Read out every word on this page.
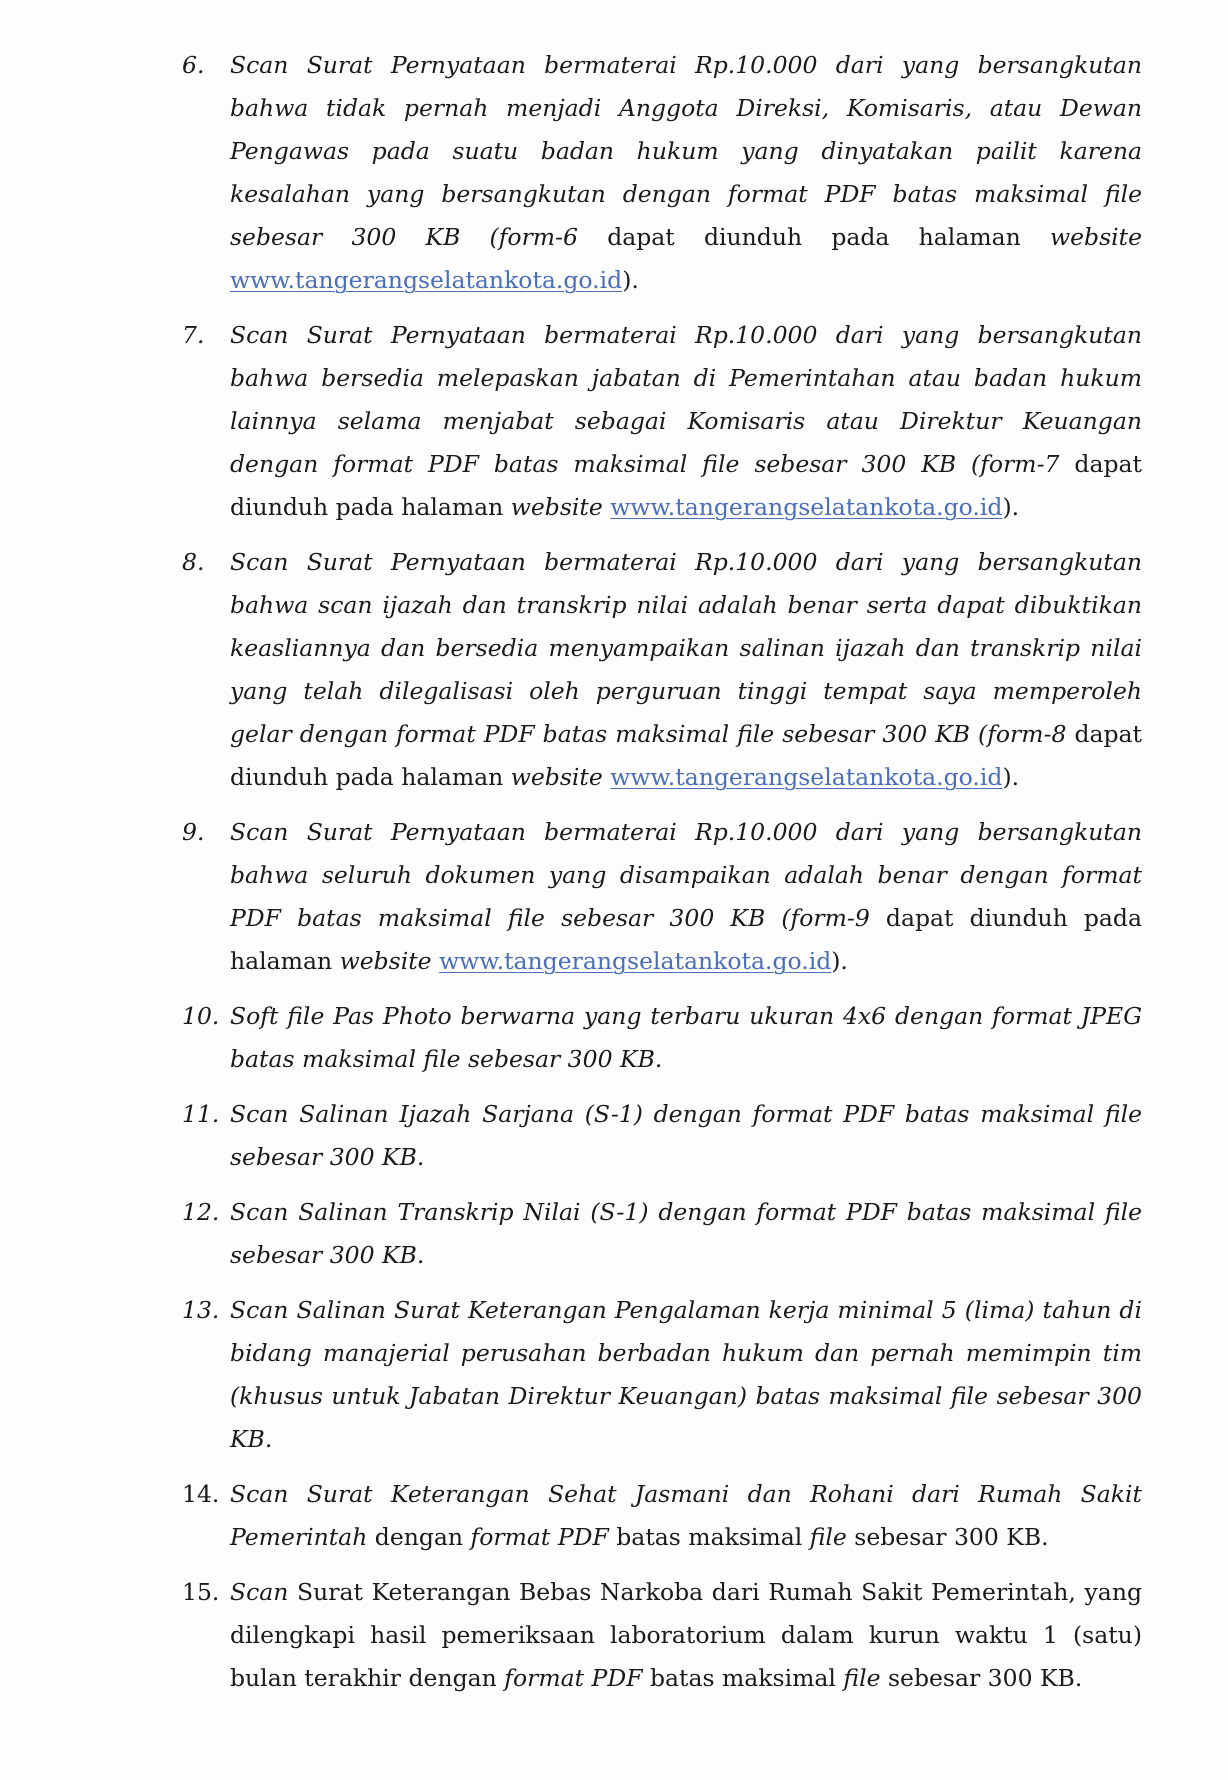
6.	Scan Surat Pernyataan bermaterai Rp.10.000 dari yang bersangkutan bahwa tidak pernah menjadi Anggota Direksi, Komisaris, atau Dewan Pengawas pada suatu badan hukum yang dinyatakan pailit karena kesalahan yang bersangkutan dengan format PDF batas maksimal file sebesar 300 KB (form-6 dapat diunduh pada halaman website www.tangerangselatankota.go.id).
7.	Scan Surat Pernyataan bermaterai Rp.10.000 dari yang bersangkutan bahwa bersedia melepaskan jabatan di Pemerintahan atau badan hukum lainnya selama menjabat sebagai Komisaris atau Direktur Keuangan dengan format PDF batas maksimal file sebesar 300 KB (form-7 dapat diunduh pada halaman website www.tangerangselatankota.go.id).
8.	Scan Surat Pernyataan bermaterai Rp.10.000 dari yang bersangkutan bahwa scan ijazah dan transkrip nilai adalah benar serta dapat dibuktikan keasliannya dan bersedia menyampaikan salinan ijazah dan transkrip nilai yang telah dilegalisasi oleh perguruan tinggi tempat saya memperoleh gelar dengan format PDF batas maksimal file sebesar 300 KB (form-8 dapat diunduh pada halaman website www.tangerangselatankota.go.id).
9.	Scan Surat Pernyataan bermaterai Rp.10.000 dari yang bersangkutan bahwa seluruh dokumen yang disampaikan adalah benar dengan format PDF batas maksimal file sebesar 300 KB (form-9 dapat diunduh pada halaman website www.tangerangselatankota.go.id).
10. Soft file Pas Photo berwarna yang terbaru ukuran 4x6 dengan format JPEG batas maksimal file sebesar 300 KB.
11. Scan Salinan Ijazah Sarjana (S-1) dengan format PDF batas maksimal file sebesar 300 KB.
12. Scan Salinan Transkrip Nilai (S-1) dengan format PDF batas maksimal file sebesar 300 KB.
13. Scan Salinan Surat Keterangan Pengalaman kerja minimal 5 (lima) tahun di bidang manajerial perusahan berbadan hukum dan pernah memimpin tim (khusus untuk Jabatan Direktur Keuangan) batas maksimal file sebesar 300 KB.
14. Scan Surat Keterangan Sehat Jasmani dan Rohani dari Rumah Sakit Pemerintah dengan format PDF batas maksimal file sebesar 300 KB.
15. Scan Surat Keterangan Bebas Narkoba dari Rumah Sakit Pemerintah, yang dilengkapi hasil pemeriksaan laboratorium dalam kurun waktu 1 (satu) bulan terakhir dengan format PDF batas maksimal file sebesar 300 KB.
